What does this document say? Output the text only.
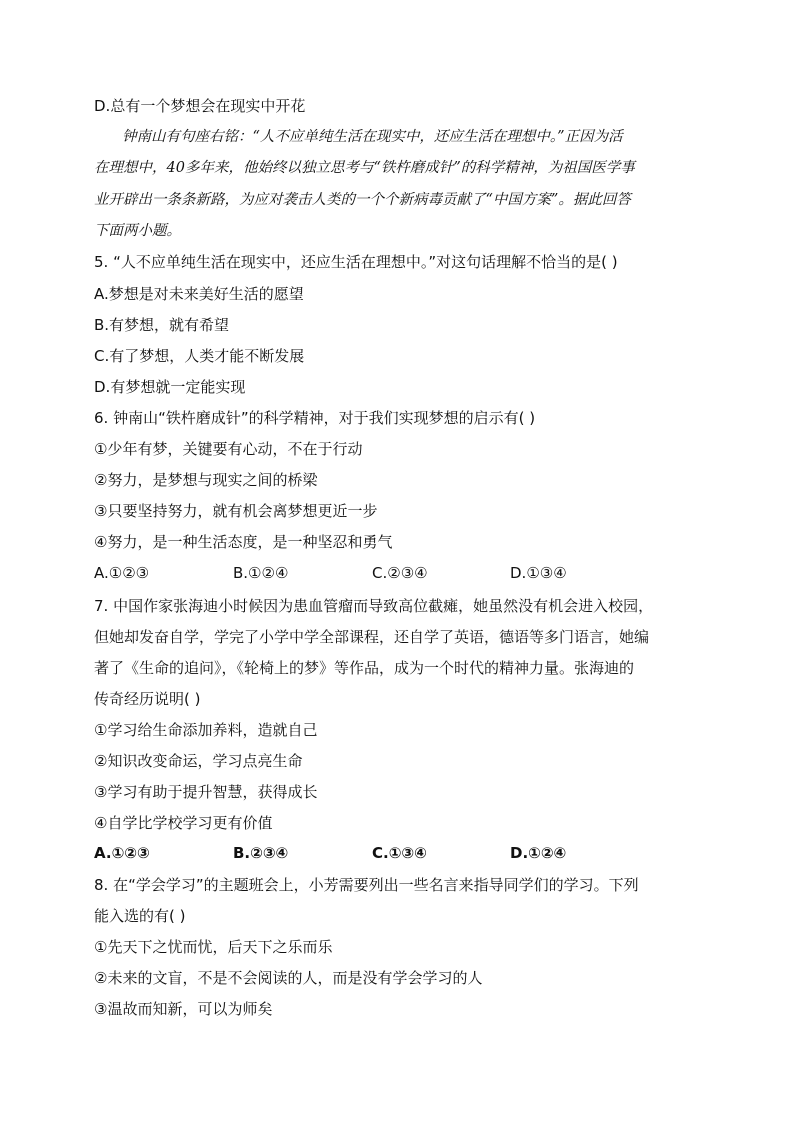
D.总有一个梦想会在现实中开花
钟南山有句座右铭：“人不应单纯生活在现实中，还应生活在理想中。”正因为活
在理想中，40多年来，他始终以独立思考与“铁杵磨成针”的科学精神，为祖国医学事
业开辟出一条条新路，为应对袭击人类的一个个新病毒贡献了“中国方案”。据此回答
下面两小题。
5. “人不应单纯生活在现实中，还应生活在理想中。”对这句话理解不恰当的是( )
A.梦想是对未来美好生活的愿望
B.有梦想，就有希望
C.有了梦想，人类才能不断发展
D.有梦想就一定能实现
6. 钟南山“铁杵磨成针”的科学精神，对于我们实现梦想的启示有( )
①少年有梦，关键要有心动，不在于行动
②努力，是梦想与现实之间的桥梁
③只要坚持努力，就有机会离梦想更近一步
④努力，是一种生活态度，是一种坚忍和勇气
A.①②③	B.①②④	C.②③④	D.①③④
7. 中国作家张海迪小时候因为患血管瘤而导致高位截瘫，她虽然没有机会进入校园，
但她却发奋自学，学完了小学中学全部课程，还自学了英语，德语等多门语言，她编
著了《生命的追问》，《轮椅上的梦》等作品，成为一个时代的精神力量。张海迪的
传奇经历说明( )
①学习给生命添加养料，造就自己
②知识改变命运，学习点亮生命
③学习有助于提升智慧，获得成长
④自学比学校学习更有价值
A.①②③	B.②③④	C.①③④	D.①②④
8. 在“学会学习”的主题班会上，小芳需要列出一些名言来指导同学们的学习。下列
能入选的有( )
①先天下之忧而忧，后天下之乐而乐
②未来的文盲，不是不会阅读的人，而是没有学会学习的人
③温故而知新，可以为师矣
